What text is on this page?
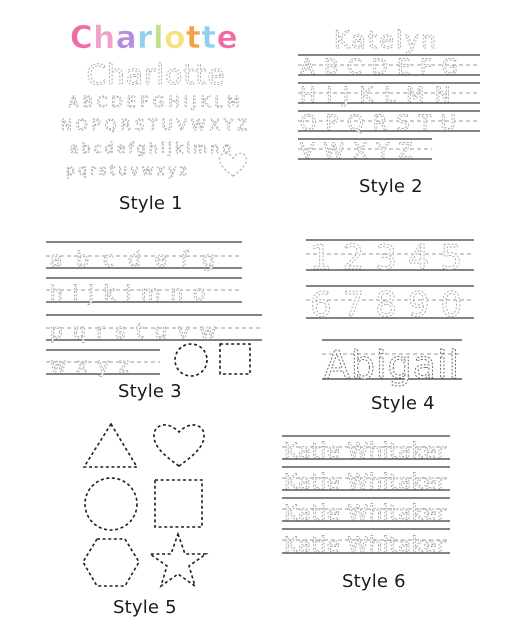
Charlotte
Charlotte
ABCDEFGHIJKLM
NOPQRSTUVWXYZ
abcdefghijklmno
pqrstuvwxyz
Style 1
Katelyn
ABCDEFG
HIJKLMN
OPQRSTU
VWXYZ
Style 2
abcdefg
hijklmno
pqrstuvw
wxyz
Style 3
12345
67890
Abigail
Style 4
Style 5
Katie Whitaker
Katie Whitaker
Katie Whitaker
Katie Whitaker
Style 6
